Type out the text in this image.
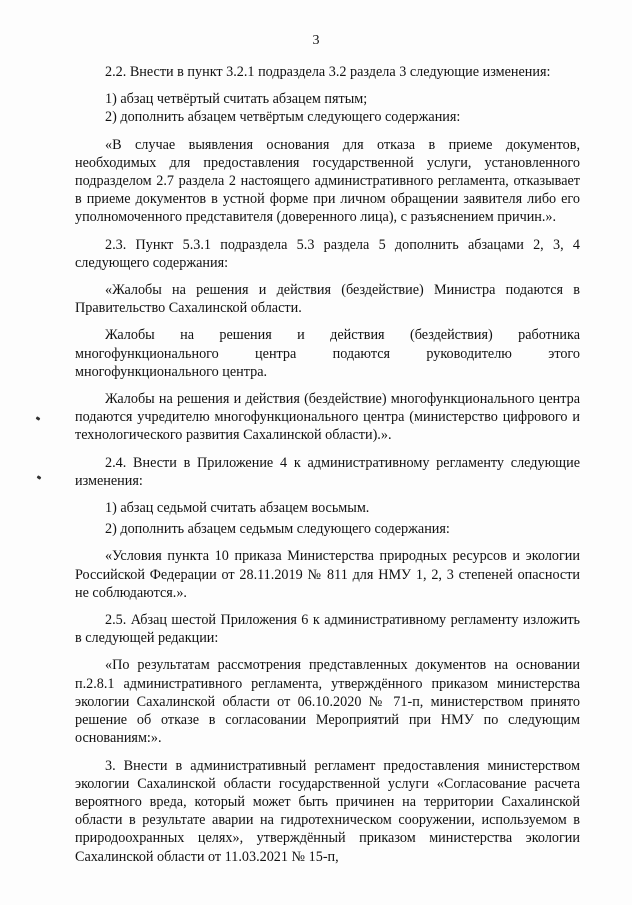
3

2.2. Внести в пункт 3.2.1 подраздела 3.2 раздела 3 следующие изменения:

1) абзац четвёртый считать абзацем пятым;

2) дополнить абзацем четвёртым следующего содержания:

«В случае выявления основания для отказа в приеме документов, необходимых для предоставления государственной услуги, установленного подразделом 2.7 раздела 2 настоящего административного регламента, отказывает в приеме документов в устной форме при личном обращении заявителя либо его уполномоченного представителя (доверенного лица), с разъяснением причин.».

2.3. Пункт 5.3.1 подраздела 5.3 раздела 5 дополнить абзацами 2, 3, 4 следующего содержания:

«Жалобы на решения и действия (бездействие) Министра подаются в Правительство Сахалинской области.

Жалобы на решения и действия (бездействия) работника многофункционального центра подаются руководителю этого многофункционального центра.

Жалобы на решения и действия (бездействие) многофункционального центра подаются учредителю многофункционального центра (министерство цифрового и технологического развития Сахалинской области).».

2.4. Внести в Приложение 4 к административному регламенту следующие изменения:

1) абзац седьмой считать абзацем восьмым.

2) дополнить абзацем седьмым следующего содержания:

«Условия пункта 10 приказа Министерства природных ресурсов и экологии Российской Федерации от 28.11.2019 № 811 для НМУ 1, 2, 3 степеней опасности не соблюдаются.».

2.5. Абзац шестой Приложения 6 к административному регламенту изложить в следующей редакции:

«По результатам рассмотрения представленных документов на основании п.2.8.1 административного регламента, утверждённого приказом министерства экологии Сахалинской области от 06.10.2020 № 71-п, министерством принято решение об отказе в согласовании Мероприятий при НМУ по следующим основаниям:».

3. Внести в административный регламент предоставления министерством экологии Сахалинской области государственной услуги «Согласование расчета вероятного вреда, который может быть причинен на территории Сахалинской области в результате аварии на гидротехническом сооружении, используемом в природоохранных целях», утверждённый приказом министерства экологии Сахалинской области от 11.03.2021 № 15-п,
